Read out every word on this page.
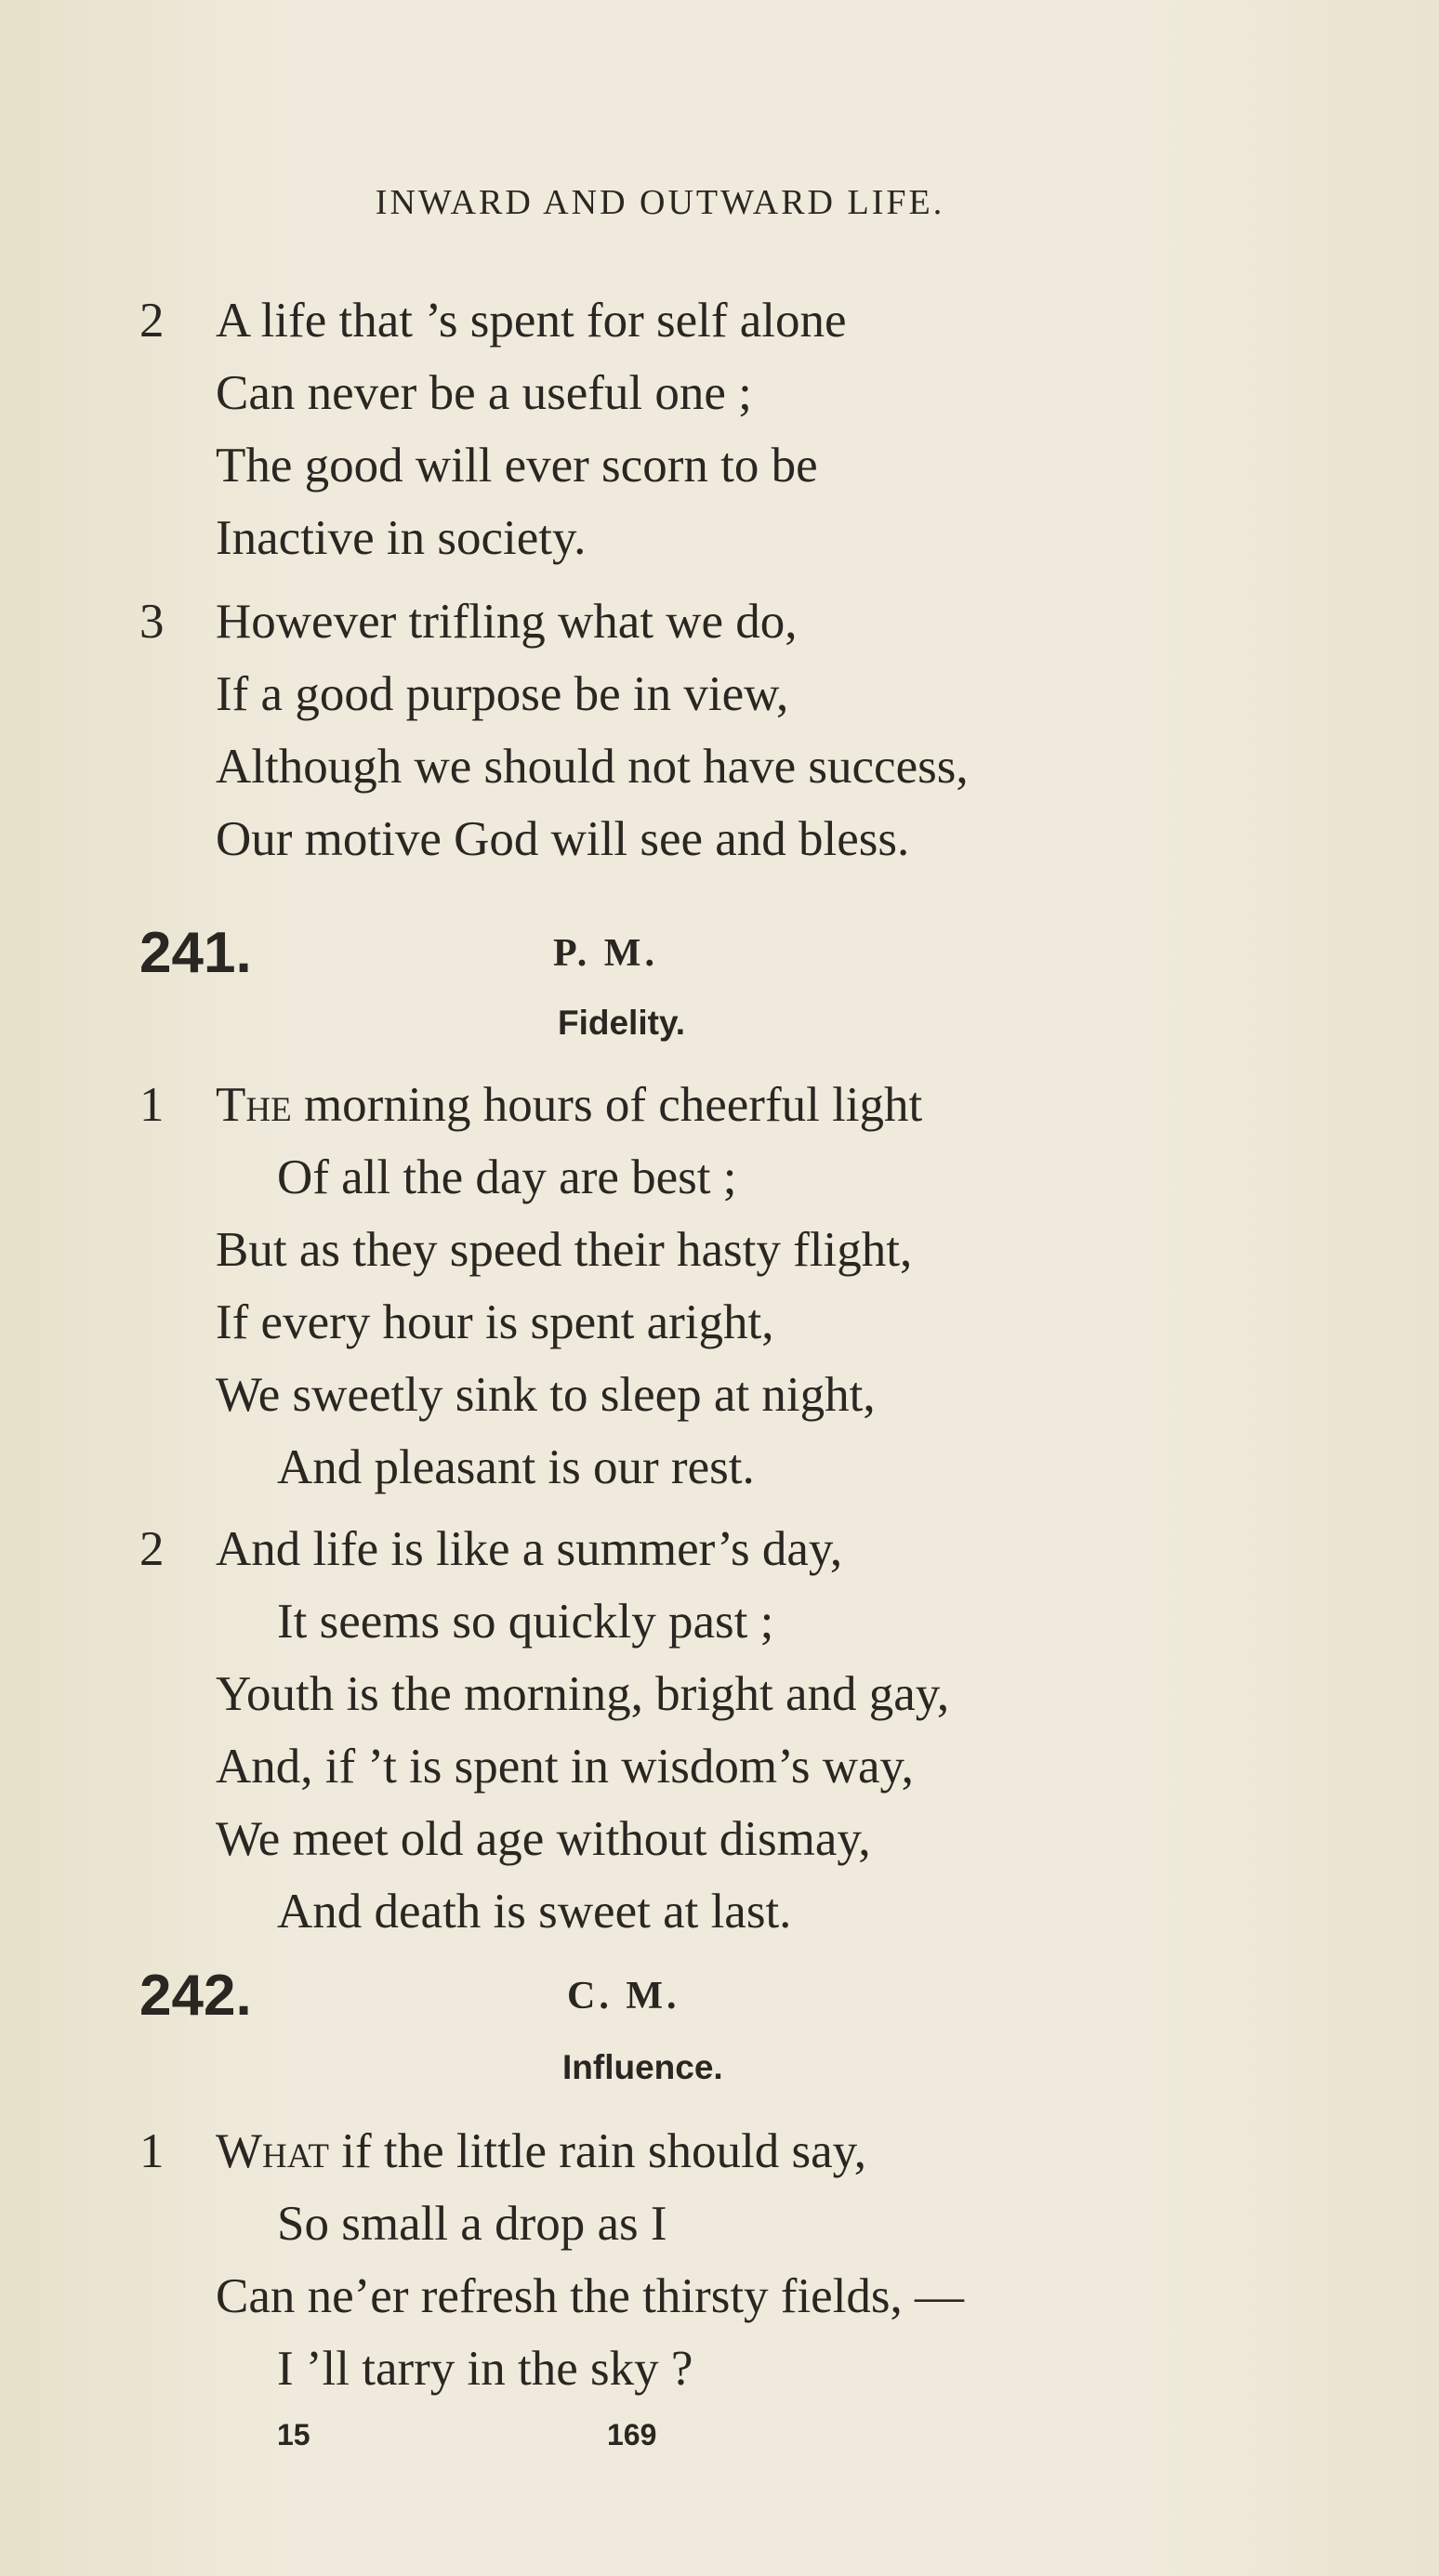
INWARD AND OUTWARD LIFE.
2	A life that ’s spent for self alone
Can never be a useful one ;
The good will ever scorn to be
Inactive in society.
3	However trifling what we do,
If a good purpose be in view,
Although we should not have success,
Our motive God will see and bless.
241.	P. M.
Fidelity.
1	The morning hours of cheerful light
Of all the day are best ;
But as they speed their hasty flight,
If every hour is spent aright,
We sweetly sink to sleep at night,
And pleasant is our rest.
2	And life is like a summer’s day,
It seems so quickly past ;
Youth is the morning, bright and gay,
And, if ’t is spent in wisdom’s way,
We meet old age without dismay,
And death is sweet at last.
242.	C. M.
Influence.
1	What if the little rain should say,
So small a drop as I
Can ne’er refresh the thirsty fields, —
I ’ll tarry in the sky ?
15	169
